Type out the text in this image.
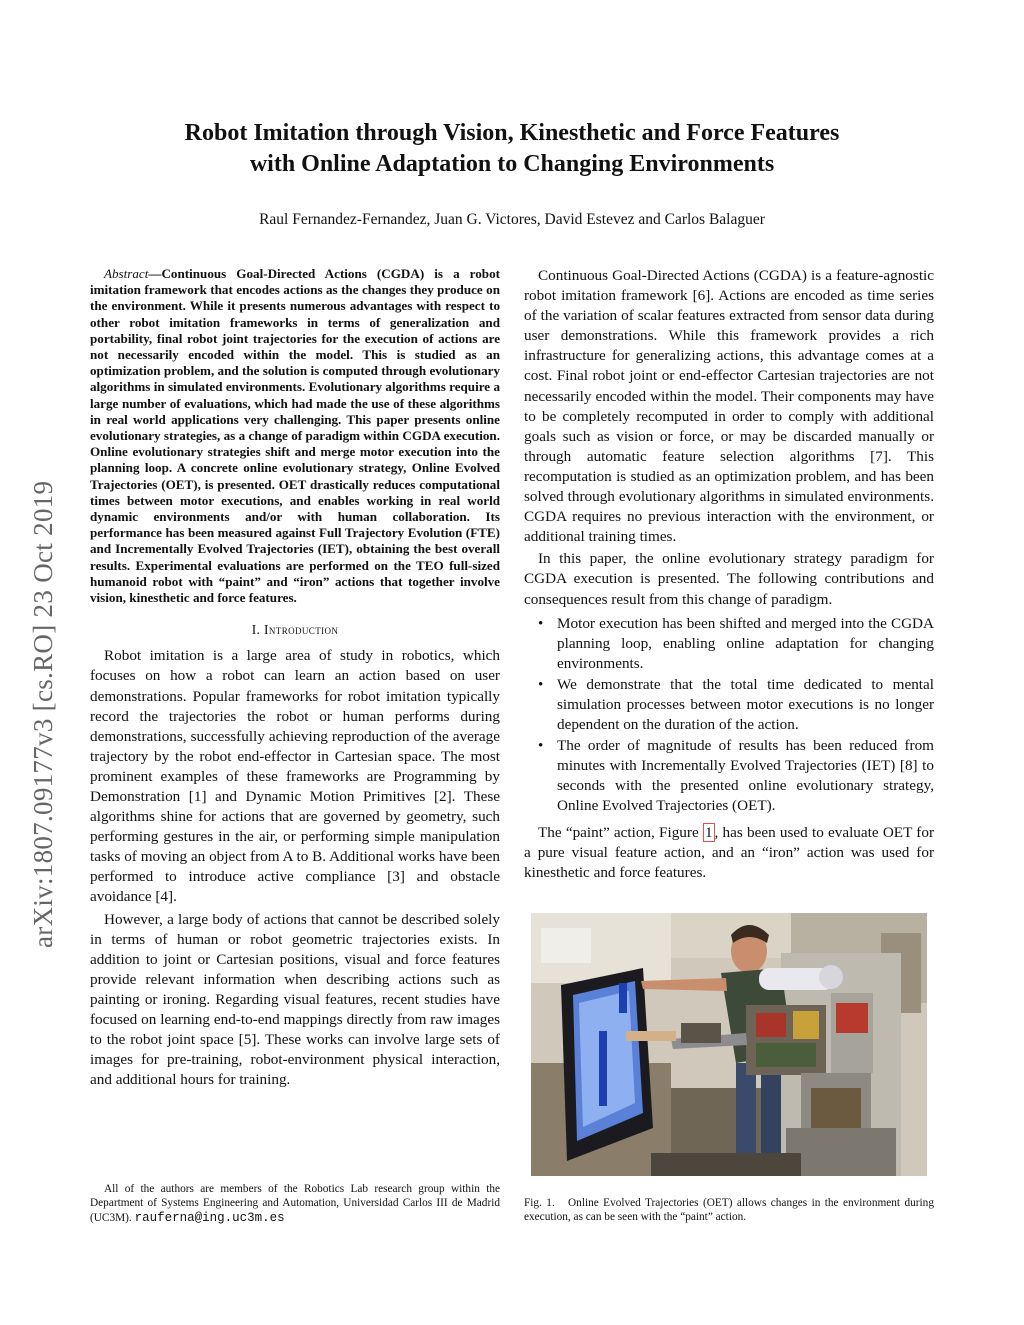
arXiv:1807.09177v3 [cs.RO] 23 Oct 2019
Robot Imitation through Vision, Kinesthetic and Force Features
with Online Adaptation to Changing Environments
Raul Fernandez-Fernandez, Juan G. Victores, David Estevez and Carlos Balaguer

Abstract—Continuous Goal-Directed Actions (CGDA) is a robot imitation framework that encodes actions as the changes they produce on the environment. While it presents numerous advantages with respect to other robot imitation frameworks in terms of generalization and portability, final robot joint trajectories for the execution of actions are not necessarily encoded within the model. This is studied as an optimization problem, and the solution is computed through evolutionary algorithms in simulated environments. Evolutionary algorithms require a large number of evaluations, which had made the use of these algorithms in real world applications very challenging. This paper presents online evolutionary strategies, as a change of paradigm within CGDA execution. Online evolutionary strategies shift and merge motor execution into the planning loop. A concrete online evolutionary strategy, Online Evolved Trajectories (OET), is presented. OET drastically reduces computational times between motor executions, and enables working in real world dynamic environments and/or with human collaboration. Its performance has been measured against Full Trajectory Evolution (FTE) and Incrementally Evolved Trajectories (IET), obtaining the best overall results. Experimental evaluations are performed on the TEO full-sized humanoid robot with “paint” and “iron” actions that together involve vision, kinesthetic and force features.

I. Introduction

Robot imitation is a large area of study in robotics, which focuses on how a robot can learn an action based on user demonstrations. Popular frameworks for robot imitation typically record the trajectories the robot or human performs during demonstrations, successfully achieving reproduction of the average trajectory by the robot end-effector in Cartesian space. The most prominent examples of these frameworks are Programming by Demonstration [1] and Dynamic Motion Primitives [2]. These algorithms shine for actions that are governed by geometry, such performing gestures in the air, or performing simple manipulation tasks of moving an object from A to B. Additional works have been performed to introduce active compliance [3] and obstacle avoidance [4].

However, a large body of actions that cannot be described solely in terms of human or robot geometric trajectories exists. In addition to joint or Cartesian positions, visual and force features provide relevant information when describing actions such as painting or ironing. Regarding visual features, recent studies have focused on learning end-to-end mappings directly from raw images to the robot joint space [5]. These works can involve large sets of images for pre-training, robot-environment physical interaction, and additional hours for training.

All of the authors are members of the Robotics Lab research group within the Department of Systems Engineering and Automation, Universidad Carlos III de Madrid (UC3M). rauferna@ing.uc3m.es

Continuous Goal-Directed Actions (CGDA) is a feature-agnostic robot imitation framework [6]. Actions are encoded as time series of the variation of scalar features extracted from sensor data during user demonstrations. While this framework provides a rich infrastructure for generalizing actions, this advantage comes at a cost. Final robot joint or end-effector Cartesian trajectories are not necessarily encoded within the model. Their components may have to be completely recomputed in order to comply with additional goals such as vision or force, or may be discarded manually or through automatic feature selection algorithms [7]. This recomputation is studied as an optimization problem, and has been solved through evolutionary algorithms in simulated environments. CGDA requires no previous interaction with the environment, or additional training times.

In this paper, the online evolutionary strategy paradigm for CGDA execution is presented. The following contributions and consequences result from this change of paradigm.

• Motor execution has been shifted and merged into the CGDA planning loop, enabling online adaptation for changing environments.
• We demonstrate that the total time dedicated to mental simulation processes between motor executions is no longer dependent on the duration of the action.
• The order of magnitude of results has been reduced from minutes with Incrementally Evolved Trajectories (IET) [8] to seconds with the presented online evolutionary strategy, Online Evolved Trajectories (OET).

The “paint” action, Figure 1 , has been used to evaluate OET for a pure visual feature action, and an “iron” action was used for kinesthetic and force features.

Fig. 1. Online Evolved Trajectories (OET) allows changes in the environment during execution, as can be seen with the “paint” action.
